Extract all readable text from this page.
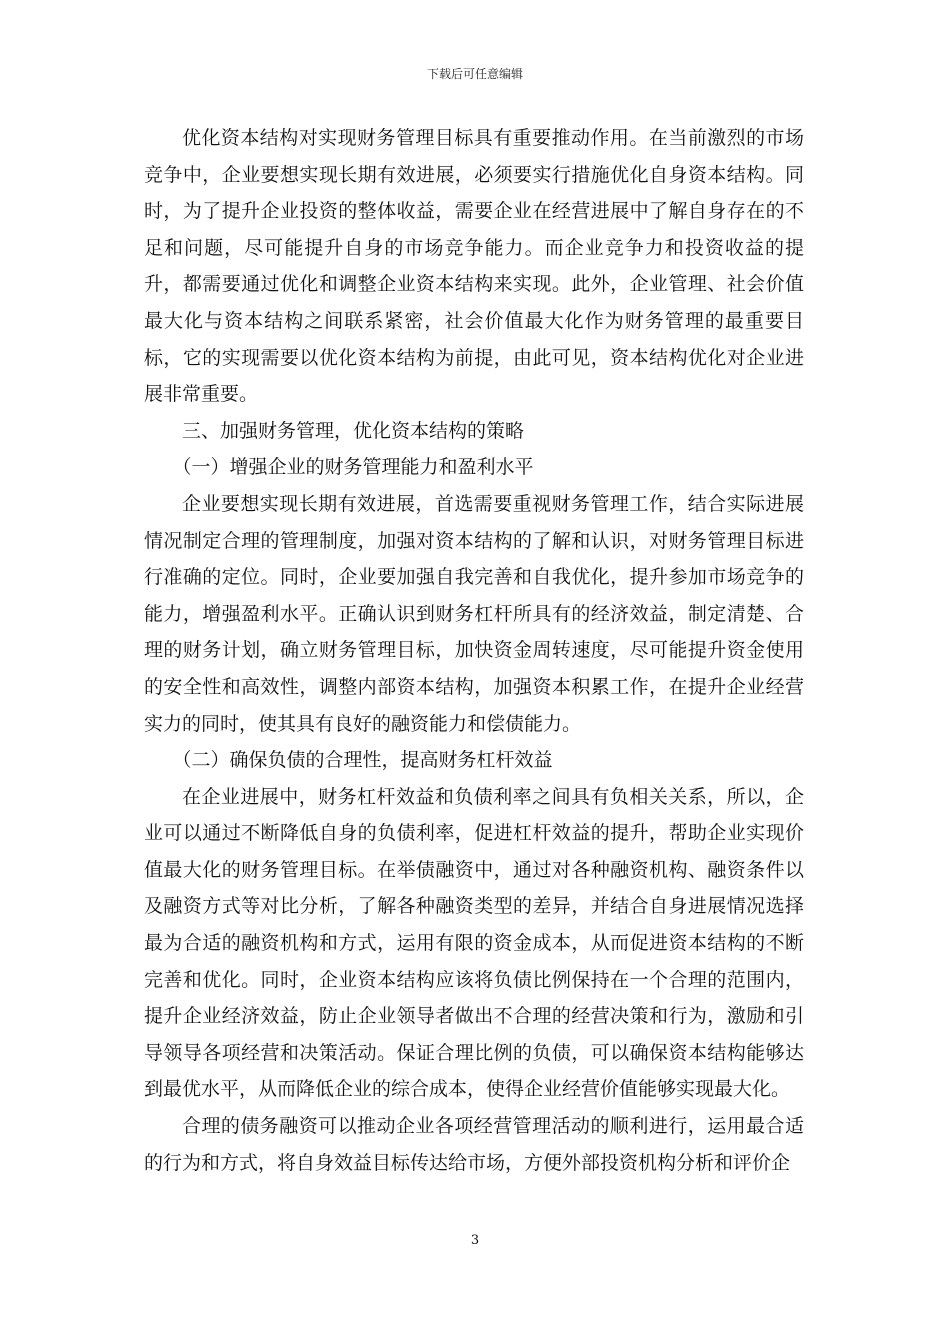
下载后可任意编辑

优化资本结构对实现财务管理目标具有重要推动作用。在当前激烈的市场竞争中，企业要想实现长期有效进展，必须要实行措施优化自身资本结构。同时，为了提升企业投资的整体收益，需要企业在经营进展中了解自身存在的不足和问题，尽可能提升自身的市场竞争能力。而企业竞争力和投资收益的提升，都需要通过优化和调整企业资本结构来实现。此外，企业管理、社会价值最大化与资本结构之间联系紧密，社会价值最大化作为财务管理的最重要目标，它的实现需要以优化资本结构为前提，由此可见，资本结构优化对企业进展非常重要。

三、加强财务管理，优化资本结构的策略

（一）增强企业的财务管理能力和盈利水平

企业要想实现长期有效进展，首选需要重视财务管理工作，结合实际进展情况制定合理的管理制度，加强对资本结构的了解和认识，对财务管理目标进行准确的定位。同时，企业要加强自我完善和自我优化，提升参加市场竞争的能力，增强盈利水平。正确认识到财务杠杆所具有的经济效益，制定清楚、合理的财务计划，确立财务管理目标，加快资金周转速度，尽可能提升资金使用的安全性和高效性，调整内部资本结构，加强资本积累工作，在提升企业经营实力的同时，使其具有良好的融资能力和偿债能力。

（二）确保负债的合理性，提高财务杠杆效益

在企业进展中，财务杠杆效益和负债利率之间具有负相关关系，所以，企业可以通过不断降低自身的负债利率，促进杠杆效益的提升，帮助企业实现价值最大化的财务管理目标。在举债融资中，通过对各种融资机构、融资条件以及融资方式等对比分析，了解各种融资类型的差异，并结合自身进展情况选择最为合适的融资机构和方式，运用有限的资金成本，从而促进资本结构的不断完善和优化。同时，企业资本结构应该将负债比例保持在一个合理的范围内，提升企业经济效益，防止企业领导者做出不合理的经营决策和行为，激励和引导领导各项经营和决策活动。保证合理比例的负债，可以确保资本结构能够达到最优水平，从而降低企业的综合成本，使得企业经营价值能够实现最大化。

合理的债务融资可以推动企业各项经营管理活动的顺利进行，运用最合适的行为和方式，将自身效益目标传达给市场，方便外部投资机构分析和评价企

3
